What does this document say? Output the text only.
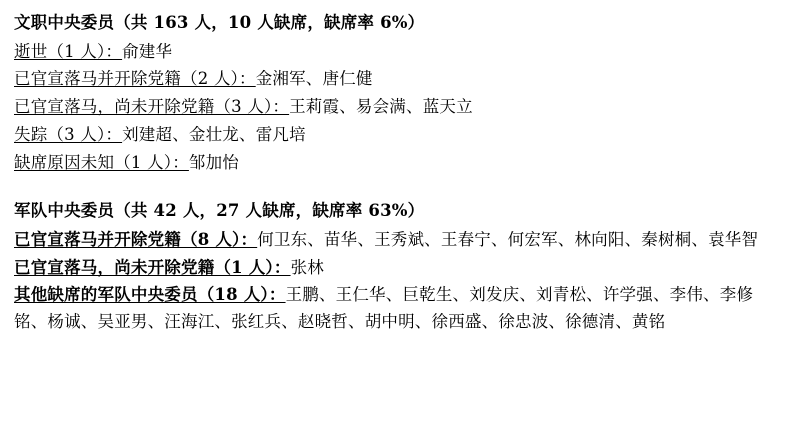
文职中央委员（共 163 人，10 人缺席，缺席率 6%）
逝世（1 人）：俞建华
已官宣落马并开除党籍（2 人）：金湘军、唐仁健
已官宣落马，尚未开除党籍（3 人）：王莉霞、易会满、蓝天立
失踪（3 人）：刘建超、金壮龙、雷凡培
缺席原因未知（1 人）：邹加怡
军队中央委员（共 42 人，27 人缺席，缺席率 63%）
已官宣落马并开除党籍（8 人）：何卫东、苗华、王秀斌、王春宁、何宏军、林向阳、秦树桐、袁华智
已官宣落马，尚未开除党籍（1 人）：张林
其他缺席的军队中央委员（18 人）：王鹏、王仁华、巨乾生、刘发庆、刘青松、许学强、李伟、李修铭、杨诚、吴亚男、汪海江、张红兵、赵晓哲、胡中明、徐西盛、徐忠波、徐德清、黄铭
